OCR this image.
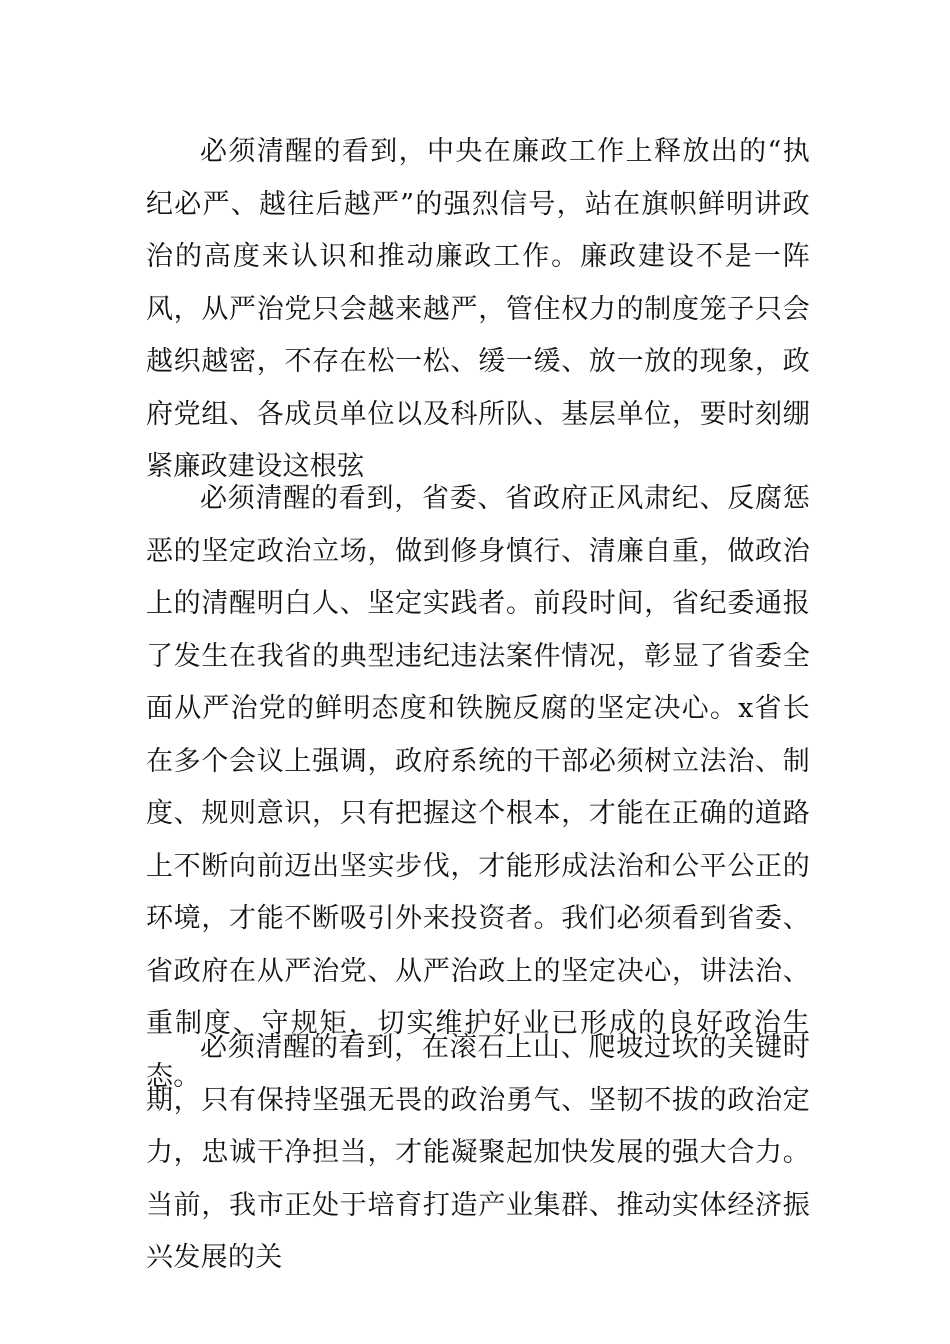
必须清醒的看到，中央在廉政工作上释放出的“执纪必严、越往后越严”的强烈信号，站在旗帜鲜明讲政治的高度来认识和推动廉政工作。廉政建设不是一阵风，从严治党只会越来越严，管住权力的制度笼子只会越织越密，不存在松一松、缓一缓、放一放的现象，政府党组、各成员单位以及科所队、基层单位，要时刻绷紧廉政建设这根弦

必须清醒的看到，省委、省政府正风肃纪、反腐惩恶的坚定政治立场，做到修身慎行、清廉自重，做政治上的清醒明白人、坚定实践者。前段时间，省纪委通报了发生在我省的典型违纪违法案件情况，彰显了省委全面从严治党的鲜明态度和铁腕反腐的坚定决心。x省长在多个会议上强调，政府系统的干部必须树立法治、制度、规则意识，只有把握这个根本，才能在正确的道路上不断向前迈出坚实步伐，才能形成法治和公平公正的环境，才能不断吸引外来投资者。我们必须看到省委、省政府在从严治党、从严治政上的坚定决心，讲法治、重制度、守规矩，切实维护好业已形成的良好政治生态。

必须清醒的看到，在滚石上山、爬坡过坎的关键时期，只有保持坚强无畏的政治勇气、坚韧不拔的政治定力，忠诚干净担当，才能凝聚起加快发展的强大合力。当前，我市正处于培育打造产业集群、推动实体经济振兴发展的关
